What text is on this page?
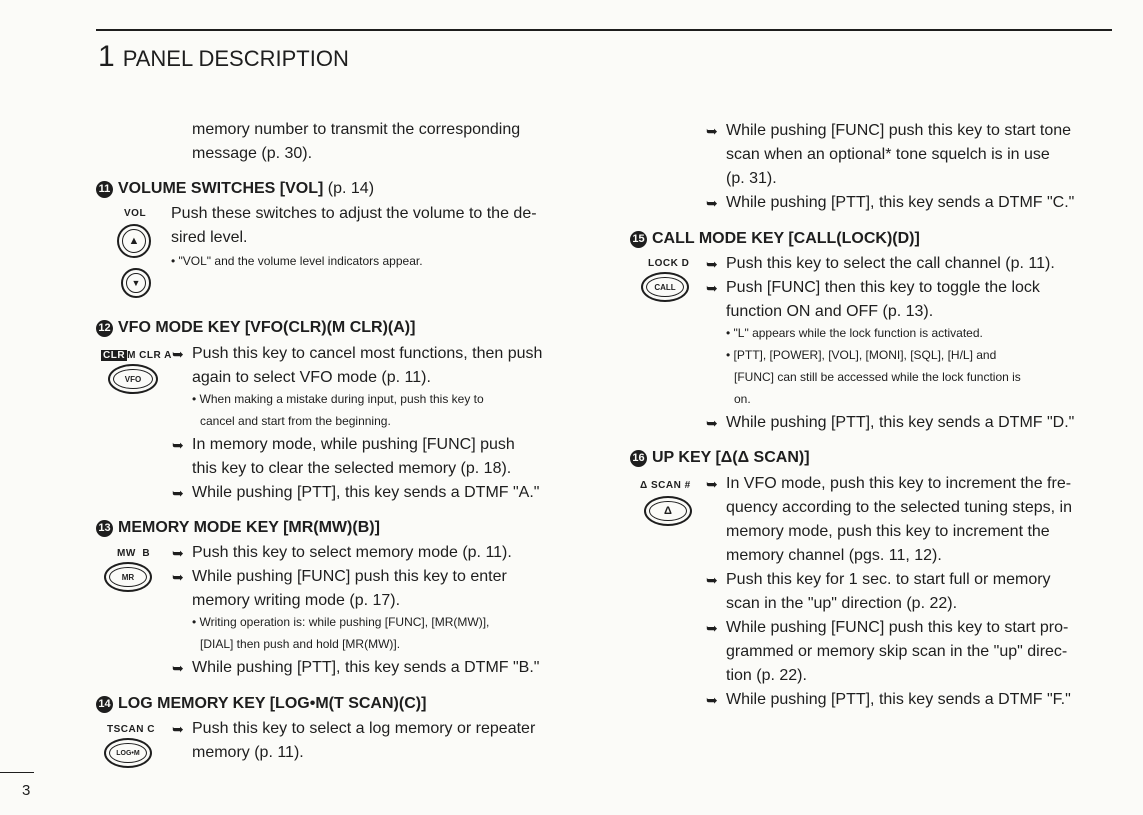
1 PANEL DESCRIPTION
memory number to transmit the corresponding
message (p. 30).
11 VOLUME SWITCHES [VOL] (p. 14)
VOL
▲
▼
Push these switches to adjust the volume to the de-
sired level.
• "VOL" and the volume level indicators appear.
12 VFO MODE KEY [VFO(CLR)(M CLR)(A)]
CLR M CLR A
VFO
➥ Push this key to cancel most functions, then push
again to select VFO mode (p. 11).
• When making a mistake during input, push this key to
cancel and start from the beginning.
➥ In memory mode, while pushing [FUNC] push
this key to clear the selected memory (p. 18).
➥ While pushing [PTT], this key sends a DTMF "A."
13 MEMORY MODE KEY [MR(MW)(B)]
MW  B
MR
➥ Push this key to select memory mode (p. 11).
➥ While pushing [FUNC] push this key to enter
memory writing mode (p. 17).
• Writing operation is: while pushing [FUNC], [MR(MW)],
[DIAL] then push and hold [MR(MW)].
➥ While pushing [PTT], this key sends a DTMF "B."
14 LOG MEMORY KEY [LOG•M(T SCAN)(C)]
TSCAN C
LOG•M
➥ Push this key to select a log memory or repeater
memory (p. 11).
➥ While pushing [FUNC] push this key to start tone
scan when an optional* tone squelch is in use
(p. 31).
➥ While pushing [PTT], this key sends a DTMF "C."
15 CALL MODE KEY [CALL(LOCK)(D)]
LOCK D
CALL
➥ Push this key to select the call channel (p. 11).
➥ Push [FUNC] then this key to toggle the lock
function ON and OFF (p. 13).
• "L" appears while the lock function is activated.
• [PTT], [POWER], [VOL], [MONI], [SQL], [H/L] and
[FUNC] can still be accessed while the lock function is
on.
➥ While pushing [PTT], this key sends a DTMF "D."
16 UP KEY [Δ(Δ SCAN)]
Δ SCAN #
Δ
➥ In VFO mode, push this key to increment the fre-
quency according to the selected tuning steps, in
memory mode, push this key to increment the
memory channel (pgs. 11, 12).
➥ Push this key for 1 sec. to start full or memory
scan in the "up" direction (p. 22).
➥ While pushing [FUNC] push this key to start pro-
grammed or memory skip scan in the "up" direc-
tion (p. 22).
➥ While pushing [PTT], this key sends a DTMF "F."
3
